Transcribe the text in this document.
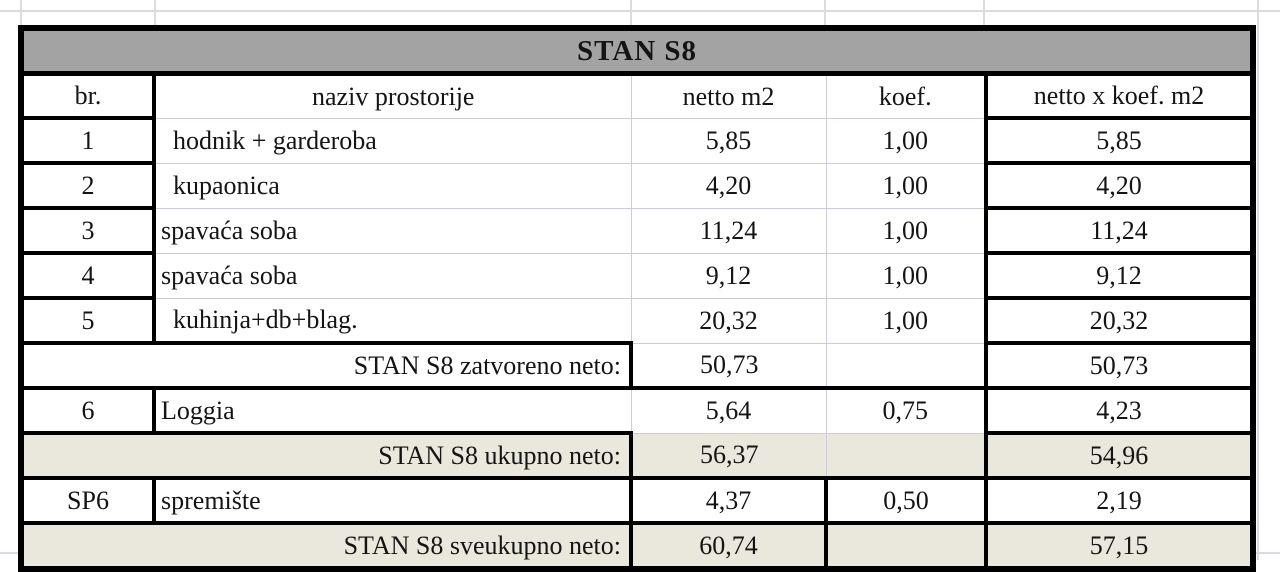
STAN S8				
br.	naziv prostorije	netto m2	koef.	netto x koef. m2
1	hodnik + garderoba	5,85	1,00	5,85
2	kupaonica	4,20	1,00	4,20
3	spavaća soba	11,24	1,00	11,24
4	spavaća soba	9,12	1,00	9,12
5	kuhinja+db+blag.	20,32	1,00	20,32
STAN S8 zatvoreno neto:		50,73		50,73
6	Loggia	5,64	0,75	4,23
STAN S8 ukupno neto:		56,37		54,96
SP6	spremište	4,37	0,50	2,19
STAN S8 sveukupno neto:		60,74		57,15
